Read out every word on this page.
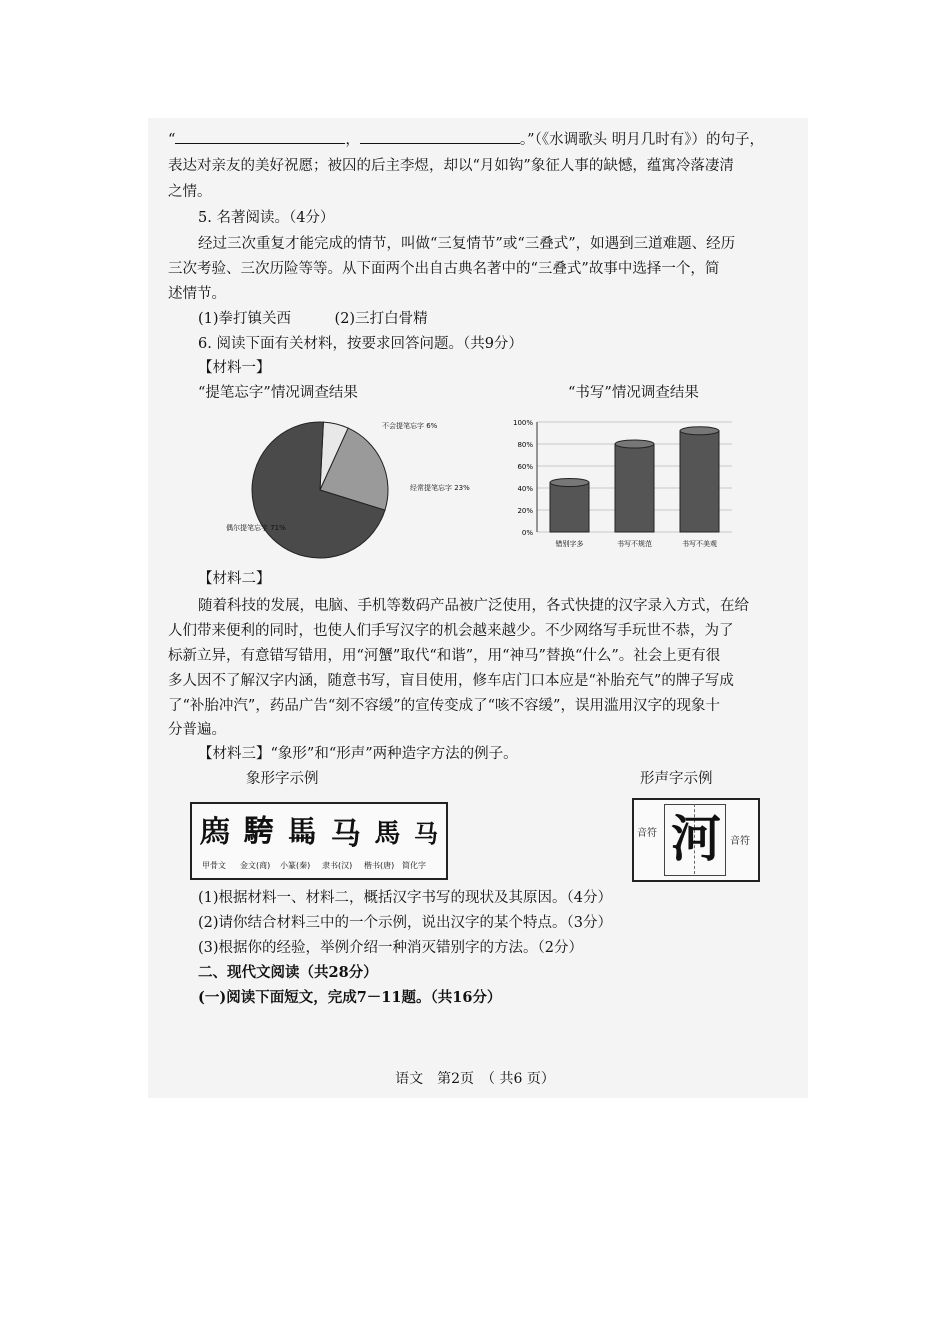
“	，	。”（《水调歌头 明月几时有》）的句子，
表达对亲友的美好祝愿；被囚的后主李煜，却以“月如钩”象征人事的缺憾，蕴寓冷落凄清
之情。
5. 名著阅读。（4分）
经过三次重复才能完成的情节，叫做“三复情节”或“三叠式”，如遇到三道难题、经历
三次考验、三次历险等等。从下面两个出自古典名著中的“三叠式”故事中选择一个，简
述情节。
(1)拳打镇关西　　　(2)三打白骨精
6. 阅读下面有关材料，按要求回答问题。（共9分）
【材料一】
“提笔忘字”情况调查结果
不会提笔忘字 6%
经常提笔忘字 23%
偶尔提笔忘字 71%
“书写”情况调查结果
0%
20%
40%
60%
80%
100%
错别字多	书写不规范	书写不美观
【材料二】
随着科技的发展，电脑、手机等数码产品被广泛使用，各式快捷的汉字录入方式，在给
人们带来便利的同时，也使人们手写汉字的机会越来越少。不少网络写手玩世不恭，为了
标新立异，有意错写错用，用“河蟹”取代“和谐”，用“神马”替换“什么”。社会上更有很
多人因不了解汉字内涵，随意书写，盲目使用，修车店门口本应是“补胎充气”的牌子写成
了“补胎冲汽”，药品广告“刻不容缓”的宣传变成了“咳不容缓”，误用滥用汉字的现象十
分普遍。
【材料三】“象形”和“形声”两种造字方法的例子。
象形字示例	形声字示例
𢊁 𩣔 𩡧 马 馬 马
甲骨文 金文(商) 小篆(秦) 隶书(汉) 楷书(唐) 简化字	河
音符
音符
(1)根据材料一、材料二，概括汉字书写的现状及其原因。（4分）
(2)请你结合材料三中的一个示例，说出汉字的某个特点。（3分）
(3)根据你的经验，举例介绍一种消灭错别字的方法。（2分）
二、现代文阅读（共28分）
(一)阅读下面短文，完成7－11题。（共16分）
语文　第2页　（ 共6 页）
